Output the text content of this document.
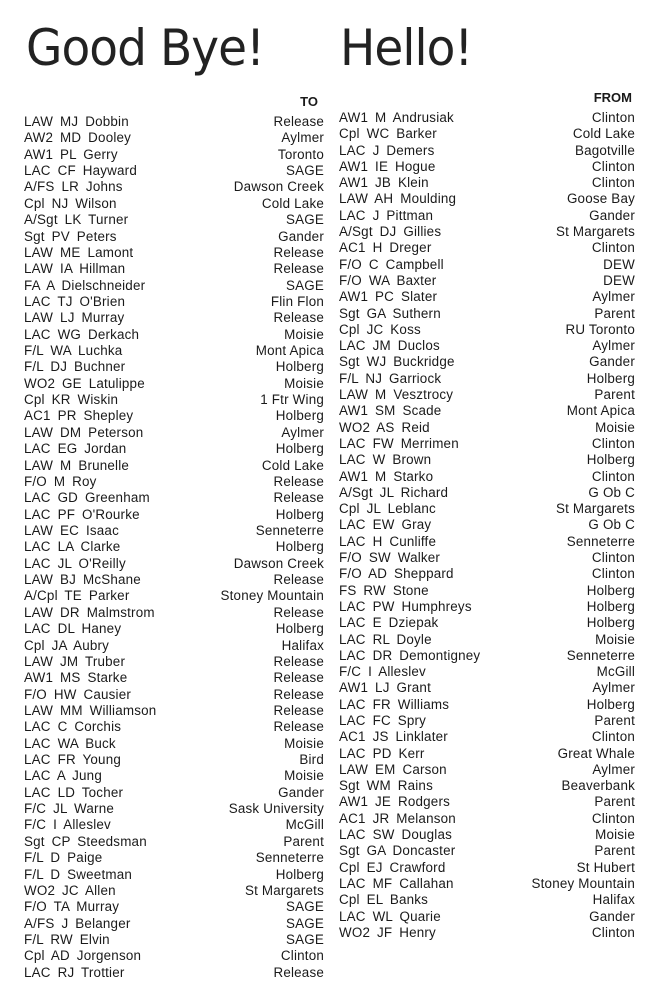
Good Bye! Hello!
TO	FROM
LAW MJ Dobbin	Release
AW2 MD Dooley	Aylmer
AW1 PL Gerry	Toronto
LAC CF Hayward	SAGE
A/FS LR Johns	Dawson Creek
Cpl NJ Wilson	Cold Lake
A/Sgt LK Turner	SAGE
Sgt PV Peters	Gander
LAW ME Lamont	Release
LAW IA Hillman	Release
FA A Dielschneider	SAGE
LAC TJ O'Brien	Flin Flon
LAW LJ Murray	Release
LAC WG Derkach	Moisie
F/L WA Luchka	Mont Apica
F/L DJ Buchner	Holberg
WO2 GE Latulippe	Moisie
Cpl KR Wiskin	1 Ftr Wing
AC1 PR Shepley	Holberg
LAW DM Peterson	Aylmer
LAC EG Jordan	Holberg
LAW M Brunelle	Cold Lake
F/O M Roy	Release
LAC GD Greenham	Release
LAC PF O'Rourke	Holberg
LAW EC Isaac	Senneterre
LAC LA Clarke	Holberg
LAC JL O'Reilly	Dawson Creek
LAW BJ McShane	Release
A/Cpl TE Parker	Stoney Mountain
LAW DR Malmstrom	Release
LAC DL Haney	Holberg
Cpl JA Aubry	Halifax
LAW JM Truber	Release
AW1 MS Starke	Release
F/O HW Causier	Release
LAW MM Williamson	Release
LAC C Corchis	Release
LAC WA Buck	Moisie
LAC FR Young	Bird
LAC A Jung	Moisie
LAC LD Tocher	Gander
F/C JL Warne	Sask University
F/C I Alleslev	McGill
Sgt CP Steedsman	Parent
F/L D Paige	Senneterre
F/L D Sweetman	Holberg
WO2 JC Allen	St Margarets
F/O TA Murray	SAGE
A/FS J Belanger	SAGE
F/L RW Elvin	SAGE
Cpl AD Jorgenson	Clinton
LAC RJ Trottier	Release
AW1 M Andrusiak	Clinton
Cpl WC Barker	Cold Lake
LAC J Demers	Bagotville
AW1 IE Hogue	Clinton
AW1 JB Klein	Clinton
LAW AH Moulding	Goose Bay
LAC J Pittman	Gander
A/Sgt DJ Gillies	St Margarets
AC1 H Dreger	Clinton
F/O C Campbell	DEW
F/O WA Baxter	DEW
AW1 PC Slater	Aylmer
Sgt GA Suthern	Parent
Cpl JC Koss	RU Toronto
LAC JM Duclos	Aylmer
Sgt WJ Buckridge	Gander
F/L NJ Garriock	Holberg
LAW M Vesztrocy	Parent
AW1 SM Scade	Mont Apica
WO2 AS Reid	Moisie
LAC FW Merrimen	Clinton
LAC W Brown	Holberg
AW1 M Starko	Clinton
A/Sgt JL Richard	G Ob C
Cpl JL Leblanc	St Margarets
LAC EW Gray	G Ob C
LAC H Cunliffe	Senneterre
F/O SW Walker	Clinton
F/O AD Sheppard	Clinton
FS RW Stone	Holberg
LAC PW Humphreys	Holberg
LAC E Dziepak	Holberg
LAC RL Doyle	Moisie
LAC DR Demontigney	Senneterre
F/C I Alleslev	McGill
AW1 LJ Grant	Aylmer
LAC FR Williams	Holberg
LAC FC Spry	Parent
AC1 JS Linklater	Clinton
LAC PD Kerr	Great Whale
LAW EM Carson	Aylmer
Sgt WM Rains	Beaverbank
AW1 JE Rodgers	Parent
AC1 JR Melanson	Clinton
LAC SW Douglas	Moisie
Sgt GA Doncaster	Parent
Cpl EJ Crawford	St Hubert
LAC MF Callahan	Stoney Mountain
Cpl EL Banks	Halifax
LAC WL Quarie	Gander
WO2 JF Henry	Clinton
